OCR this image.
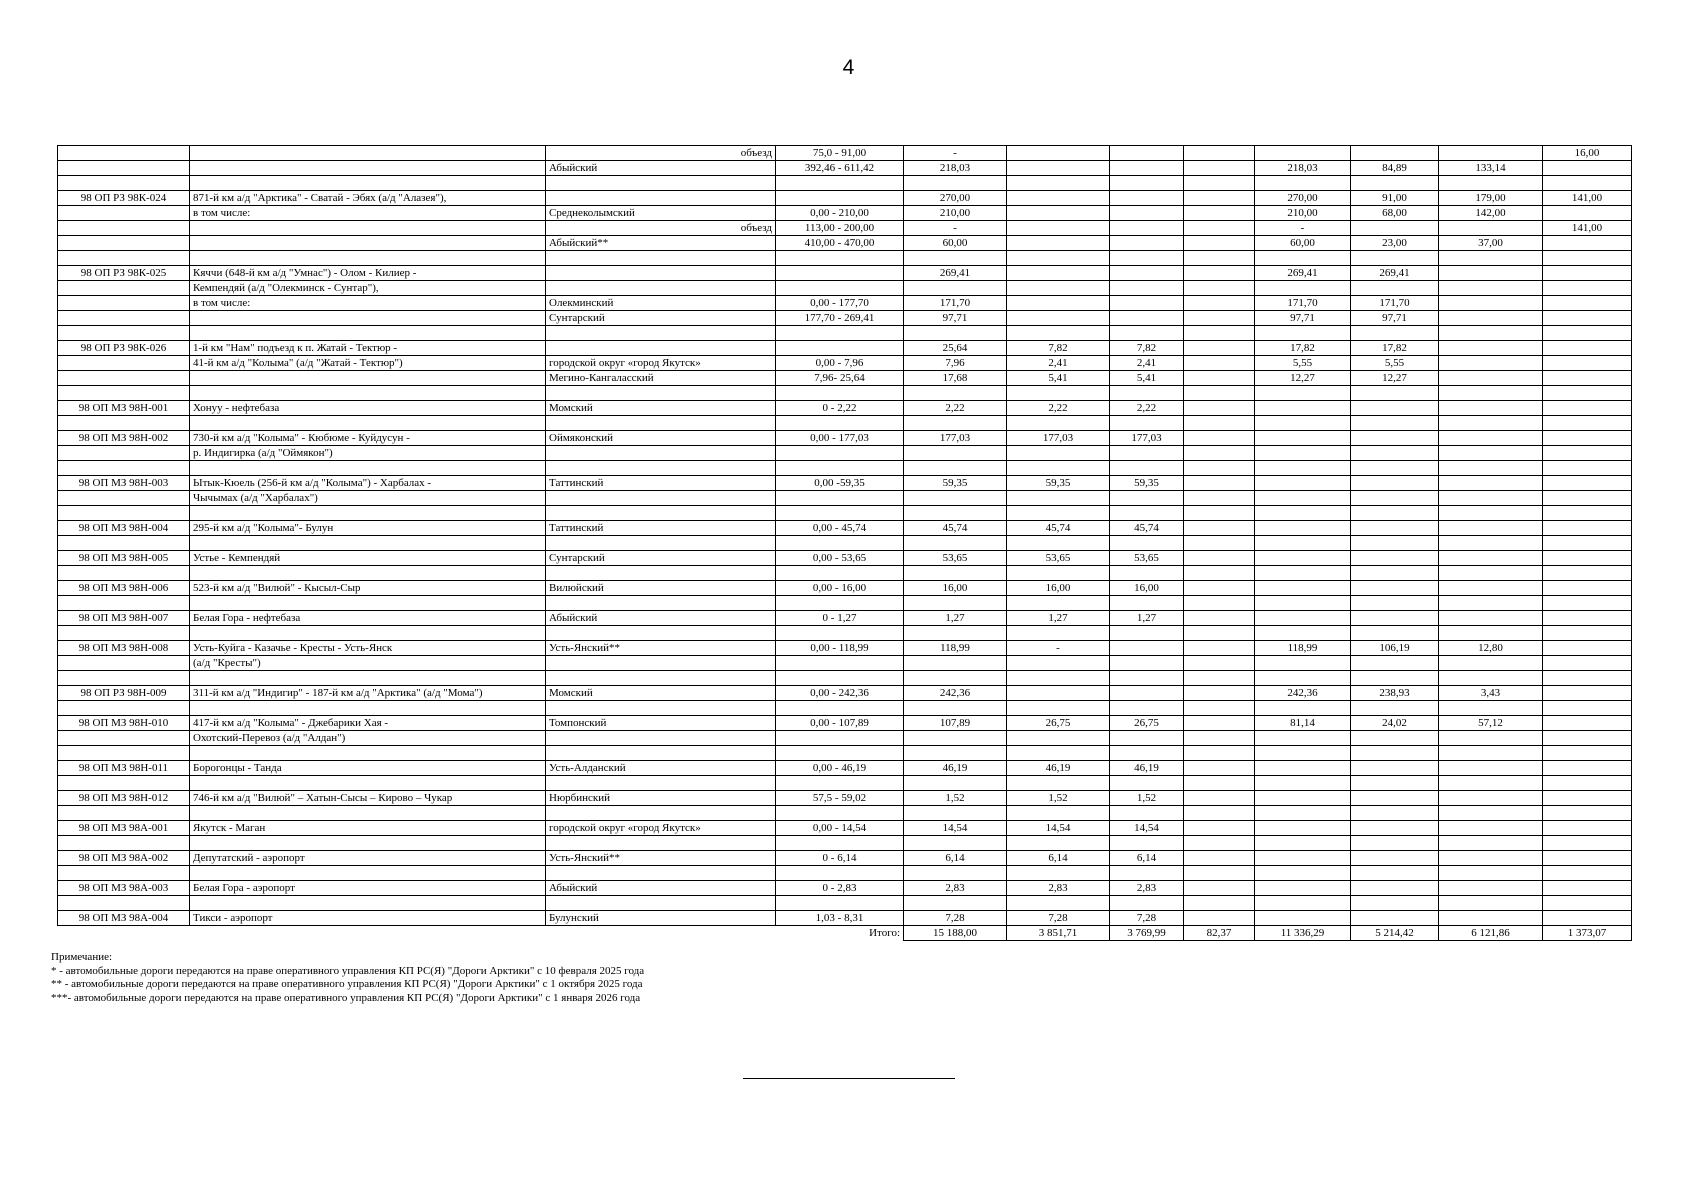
4
		объезд	75,0 - 91,00	-							16,00
		Абыйский	392,46 - 611,42	218,03				218,03	84,89	133,14	

98 ОП РЗ 98К-024	871-й км а/д "Арктика" - Сватай - Эбях (а/д "Алазея"),			270,00				270,00	91,00	179,00	141,00
	в том числе:	Среднеколымский	0,00 - 210,00	210,00				210,00	68,00	142,00	
		объезд	113,00 - 200,00	-				-			141,00
		Абыйский**	410,00 - 470,00	60,00				60,00	23,00	37,00	

98 ОП РЗ 98К-025	Кяччи (648-й км а/д "Умнас") - Олом - Килиер -			269,41				269,41	269,41		
	Кемпендяй (а/д "Олекминск - Сунтар"),										
	в том числе:	Олекминский	0,00 - 177,70	171,70				171,70	171,70		
		Сунтарский	177,70 - 269,41	97,71				97,71	97,71		

98 ОП РЗ 98К-026	1-й км "Нам" подъезд к п. Жатай - Тектюр -			25,64	7,82	7,82		17,82	17,82		
	41-й км а/д "Колыма" (а/д "Жатай - Тектюр")	городской округ «город Якутск»	0,00 - 7,96	7,96	2,41	2,41		5,55	5,55		
		Мегино-Кангаласский	7,96- 25,64	17,68	5,41	5,41		12,27	12,27		

98 ОП МЗ 98Н-001	Хонуу - нефтебаза	Момский	0 - 2,22	2,22	2,22	2,22					

98 ОП МЗ 98Н-002	730-й км а/д "Колыма" - Кюбюме - Куйдусун -	Оймяконский	0,00 - 177,03	177,03	177,03	177,03					
	р. Индигирка (а/д "Оймякон")										

98 ОП МЗ 98Н-003	Ытык-Кюель (256-й км а/д "Колыма") - Харбалах -	Таттинский	0,00 -59,35	59,35	59,35	59,35					
	Чычымах (а/д "Харбалах")										

98 ОП МЗ 98Н-004	295-й км а/д "Колыма"- Булун	Таттинский	0,00 - 45,74	45,74	45,74	45,74					

98 ОП МЗ 98Н-005	Устье - Кемпендяй	Сунтарский	0,00 - 53,65	53,65	53,65	53,65					

98 ОП МЗ 98Н-006	523-й км а/д "Вилюй" - Кысыл-Сыр	Вилюйский	0,00 - 16,00	16,00	16,00	16,00					

98 ОП МЗ 98Н-007	Белая Гора - нефтебаза	Абыйский	0 - 1,27	1,27	1,27	1,27					

98 ОП МЗ 98Н-008	Усть-Куйга - Казачье - Кресты - Усть-Янск	Усть-Янский**	0,00 - 118,99	118,99	-			118,99	106,19	12,80	
	(а/д "Кресты")										

98 ОП РЗ 98Н-009	311-й км а/д "Индигир" - 187-й км а/д "Арктика" (а/д "Мома")	Момский	0,00 - 242,36	242,36				242,36	238,93	3,43	

98 ОП МЗ 98Н-010	417-й км а/д "Колыма" - Джебарики Хая -	Томпонский	0,00 - 107,89	107,89	26,75	26,75		81,14	24,02	57,12	
	Охотский-Перевоз (а/д "Алдан")										

98 ОП МЗ 98Н-011	Борогонцы - Танда	Усть-Алданский	0,00 - 46,19	46,19	46,19	46,19					

98 ОП МЗ 98Н-012	746-й км а/д "Вилюй" – Хатын-Сысы – Кирово – Чукар	Нюрбинский	57,5 - 59,02	1,52	1,52	1,52					

98 ОП МЗ 98А-001	Якутск - Маган	городской округ «город Якутск»	0,00 - 14,54	14,54	14,54	14,54					

98 ОП МЗ 98А-002	Депутатский - аэропорт	Усть-Янский**	0 - 6,14	6,14	6,14	6,14					

98 ОП МЗ 98А-003	Белая Гора - аэропорт	Абыйский	0 - 2,83	2,83	2,83	2,83					

98 ОП МЗ 98А-004	Тикси - аэропорт	Булунский	1,03 - 8,31	7,28	7,28	7,28					
Итого:				15 188,00	3 851,71	3 769,99	82,37	11 336,29	5 214,42	6 121,86	1 373,07
Примечание:
* - автомобильные дороги передаются на праве оперативного управления КП РС(Я) "Дороги Арктики" с 10 февраля 2025 года
** - автомобильные дороги передаются на праве оперативного управления КП РС(Я) "Дороги Арктики" с 1 октября 2025 года
***- автомобильные дороги передаются на праве оперативного управления КП РС(Я) "Дороги Арктики" с 1 января 2026 года
